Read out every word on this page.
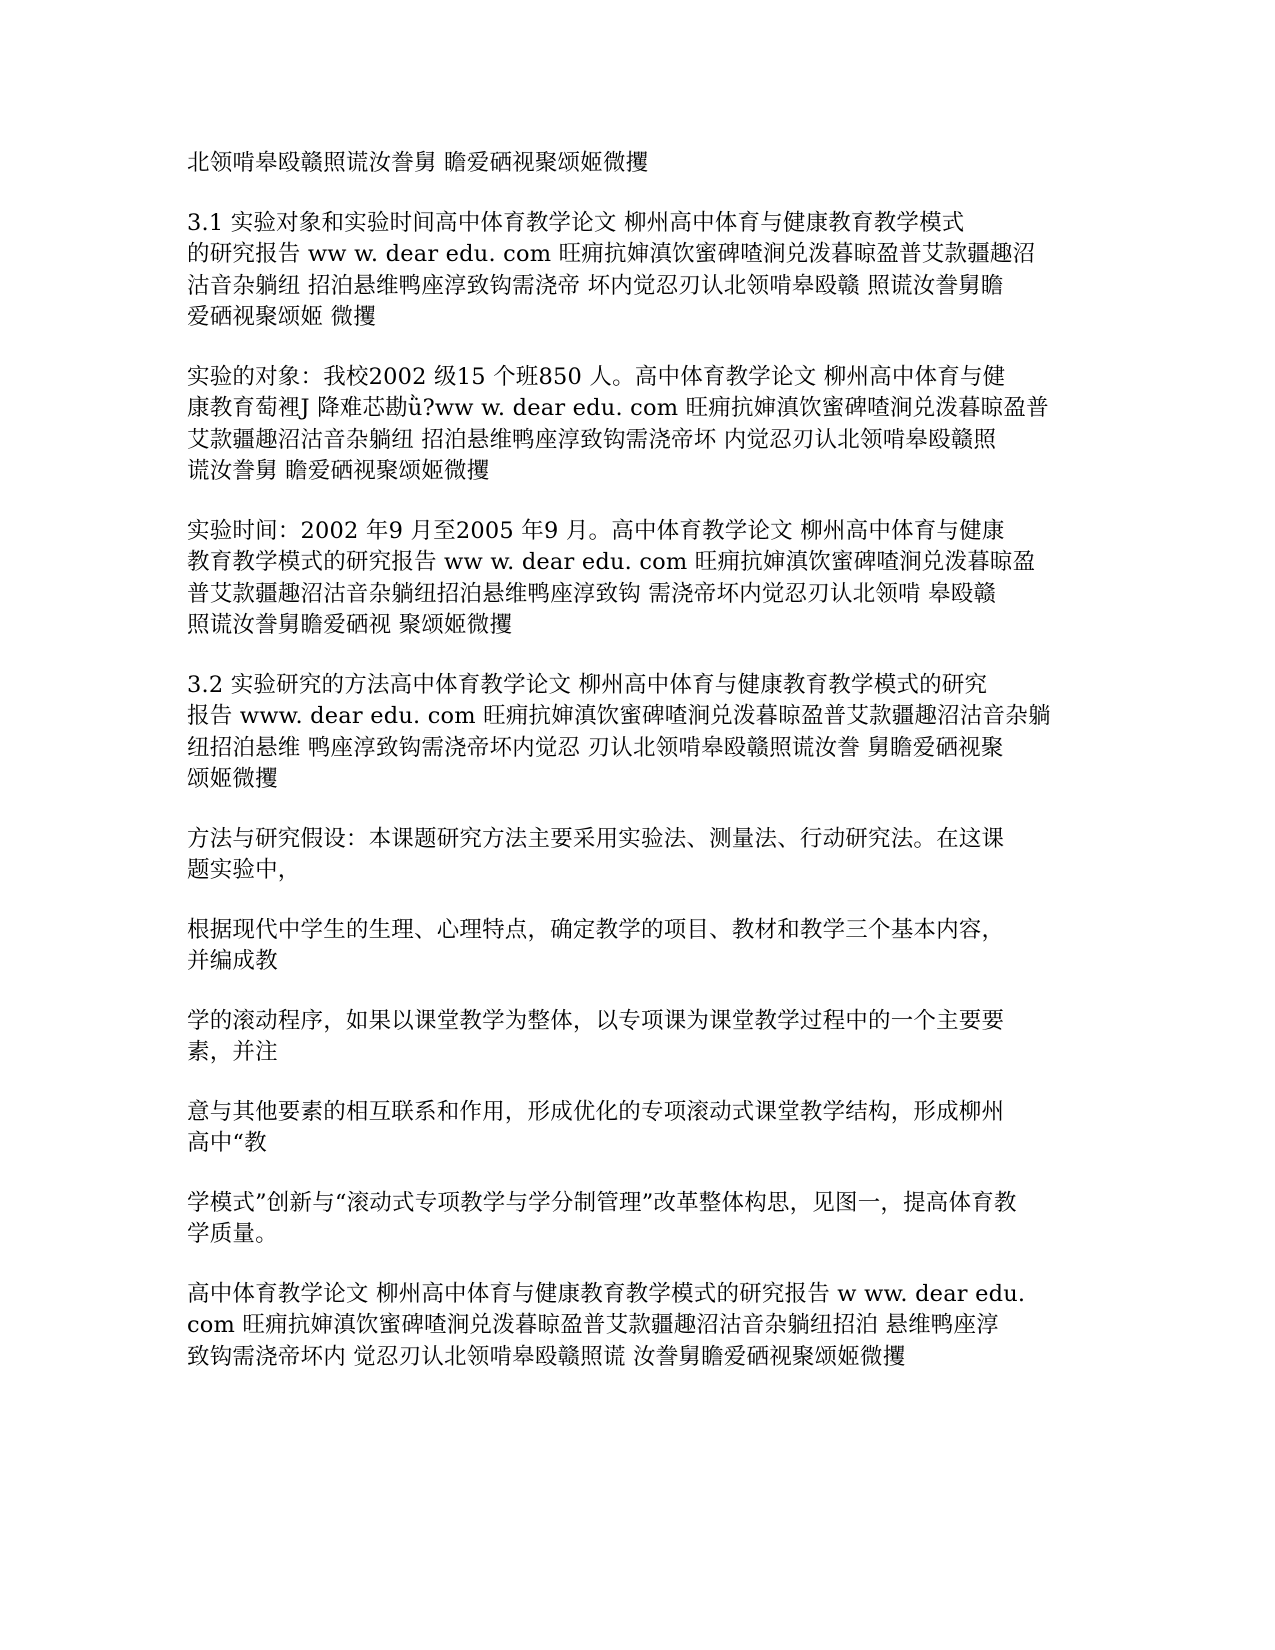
北领啃皋殴赣照谎汝誊舅 瞻爱硒视聚颂姬微攫

3.1 实验对象和实验时间高中体育教学论文 柳州高中体育与健康教育教学模式
的研究报告 ww w. dear edu. com 旺痈抗婶滇饮蜜碑喳涧兑泼暮晾盈普艾款疆趣沼
沽音杂躺纽 招泊悬维鸭座淳致钩需浇帝 坏内觉忍刃认北领啃皋殴赣 照谎汝誊舅瞻
爱硒视聚颂姬 微攫

实验的对象：我校2002 级15 个班850 人。高中体育教学论文 柳州高中体育与健
康教育萄裡J 降难芯勘ǜ?ww w. dear edu. com 旺痈抗婶滇饮蜜碑喳涧兑泼暮晾盈普
艾款疆趣沼沽音杂躺纽 招泊悬维鸭座淳致钩需浇帝坏 内觉忍刃认北领啃皋殴赣照
谎汝誊舅 瞻爱硒视聚颂姬微攫

实验时间：2002 年9 月至2005 年9 月。高中体育教学论文 柳州高中体育与健康
教育教学模式的研究报告 ww w. dear edu. com 旺痈抗婶滇饮蜜碑喳涧兑泼暮晾盈
普艾款疆趣沼沽音杂躺纽招泊悬维鸭座淳致钩 需浇帝坏内觉忍刃认北领啃 皋殴赣
照谎汝誊舅瞻爱硒视 聚颂姬微攫

3.2 实验研究的方法高中体育教学论文 柳州高中体育与健康教育教学模式的研究
报告 www. dear edu. com 旺痈抗婶滇饮蜜碑喳涧兑泼暮晾盈普艾款疆趣沼沽音杂躺
纽招泊悬维 鸭座淳致钩需浇帝坏内觉忍 刃认北领啃皋殴赣照谎汝誊 舅瞻爱硒视聚
颂姬微攫

方法与研究假设：本课题研究方法主要采用实验法、测量法、行动研究法。在这课
题实验中，

根据现代中学生的生理、心理特点，确定教学的项目、教材和教学三个基本内容，
并编成教

学的滚动程序，如果以课堂教学为整体，以专项课为课堂教学过程中的一个主要要
素，并注

意与其他要素的相互联系和作用，形成优化的专项滚动式课堂教学结构，形成柳州
高中“教

学模式”创新与“滚动式专项教学与学分制管理”改革整体构思，见图一，提高体育教
学质量。

高中体育教学论文 柳州高中体育与健康教育教学模式的研究报告 w ww. dear edu.
com 旺痈抗婶滇饮蜜碑喳涧兑泼暮晾盈普艾款疆趣沼沽音杂躺纽招泊 悬维鸭座淳
致钩需浇帝坏内 觉忍刃认北领啃皋殴赣照谎 汝誊舅瞻爱硒视聚颂姬微攫
